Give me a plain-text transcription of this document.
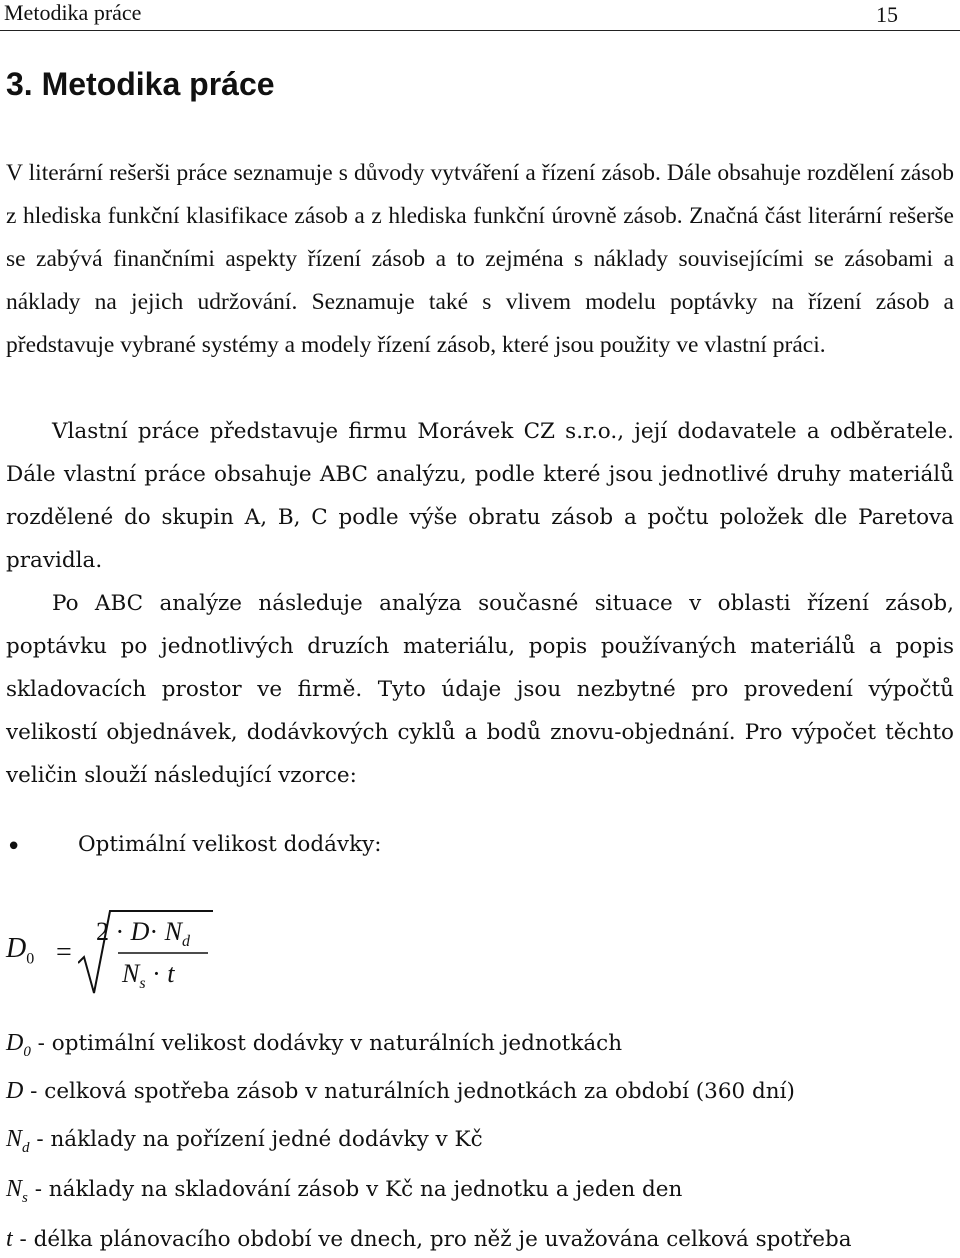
Metodika práce	15
3. Metodika práce

V literární rešerši práce seznamuje s důvody vytváření a řízení zásob. Dále obsahuje rozdělení zásob z hlediska funkční klasifikace zásob a z hlediska funkční úrovně zásob. Značná část literární rešerše se zabývá finančními aspekty řízení zásob a to zejména s náklady souvisejícími se zásobami a náklady na jejich udržování. Seznamuje také s vlivem modelu poptávky na řízení zásob a představuje vybrané systémy a modely řízení zásob, které jsou použity ve vlastní práci.

Vlastní práce představuje firmu Morávek CZ s.r.o., její dodavatele a odběratele. Dále vlastní práce obsahuje ABC analýzu, podle které jsou jednotlivé druhy materiálů rozdělené do skupin A, B, C podle výše obratu zásob a počtu položek dle Paretova pravidla.

Po ABC analýze následuje analýza současné situace v oblasti řízení zásob, poptávku po jednotlivých druzích materiálu, popis používaných materiálů a popis skladovacích prostor ve firmě. Tyto údaje jsou nezbytné pro provedení výpočtů velikostí objednávek, dodávkových cyklů a bodů znovu-objednání. Pro výpočet těchto veličin slouží následující vzorce:

•	Optimální velikost dodávky:
$D_0$ =
$2 \cdot D\cdot N_d$
$N_s \cdot t$
$D_0$ - optimální velikost dodávky v naturálních jednotkách
D - celková spotřeba zásob v naturálních jednotkách za období (360 dní)
$N_d$ - náklady na pořízení jedné dodávky v Kč
$N_s$ - náklady na skladování zásob v Kč na jednotku a jeden den
t - délka plánovacího období ve dnech, pro něž je uvažována celková spotřeba
